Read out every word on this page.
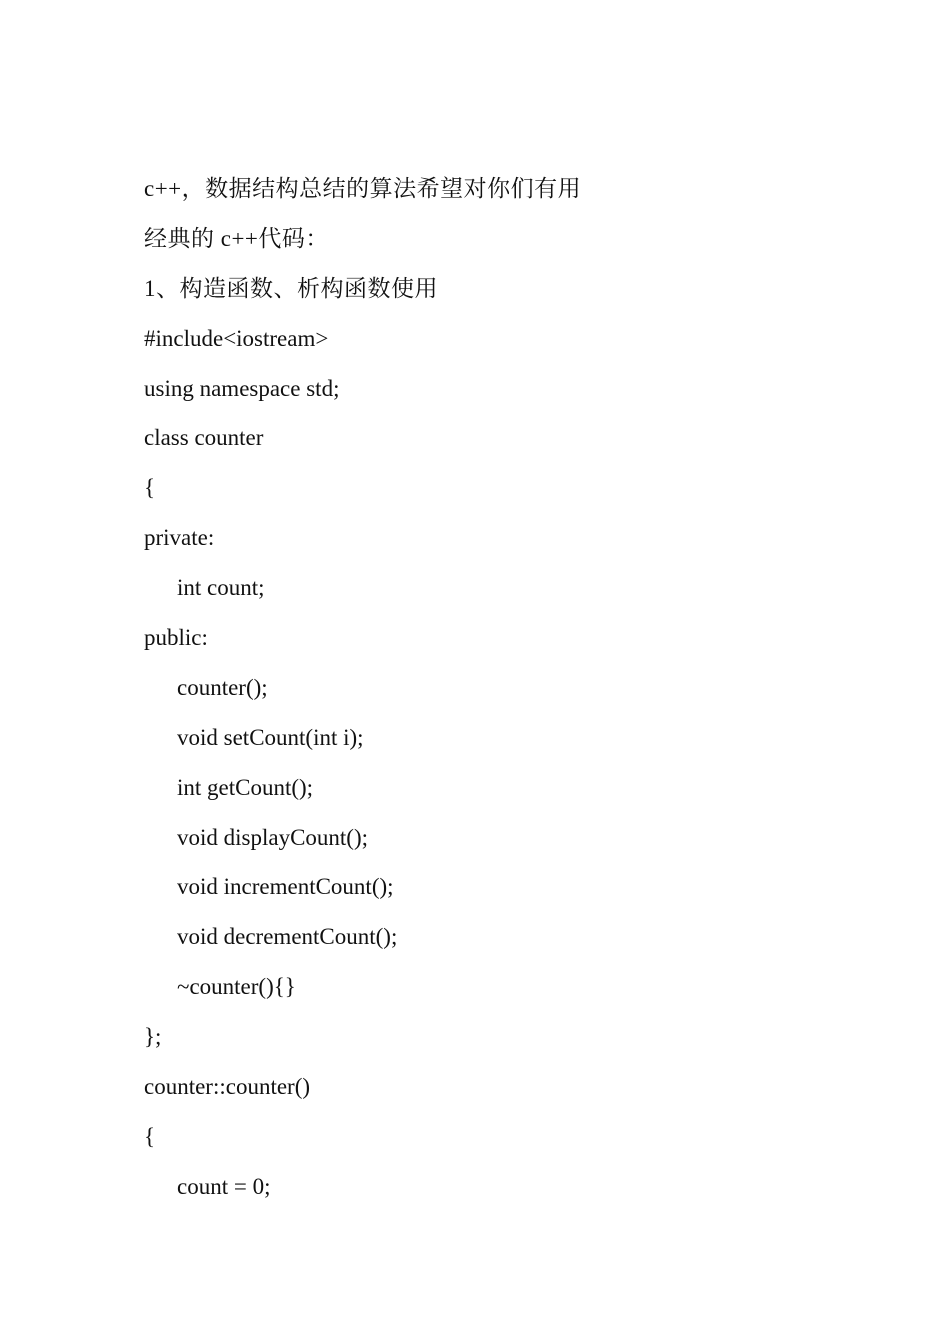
c++，数据结构总结的算法希望对你们有用
经典的 c++代码：
1、构造函数、析构函数使用
#include<iostream>
using namespace std;
class counter
{
private:
int count;
public:
counter();
void setCount(int i);
int getCount();
void displayCount();
void incrementCount();
void decrementCount();
~counter(){}
};
counter::counter()
{
count = 0;
